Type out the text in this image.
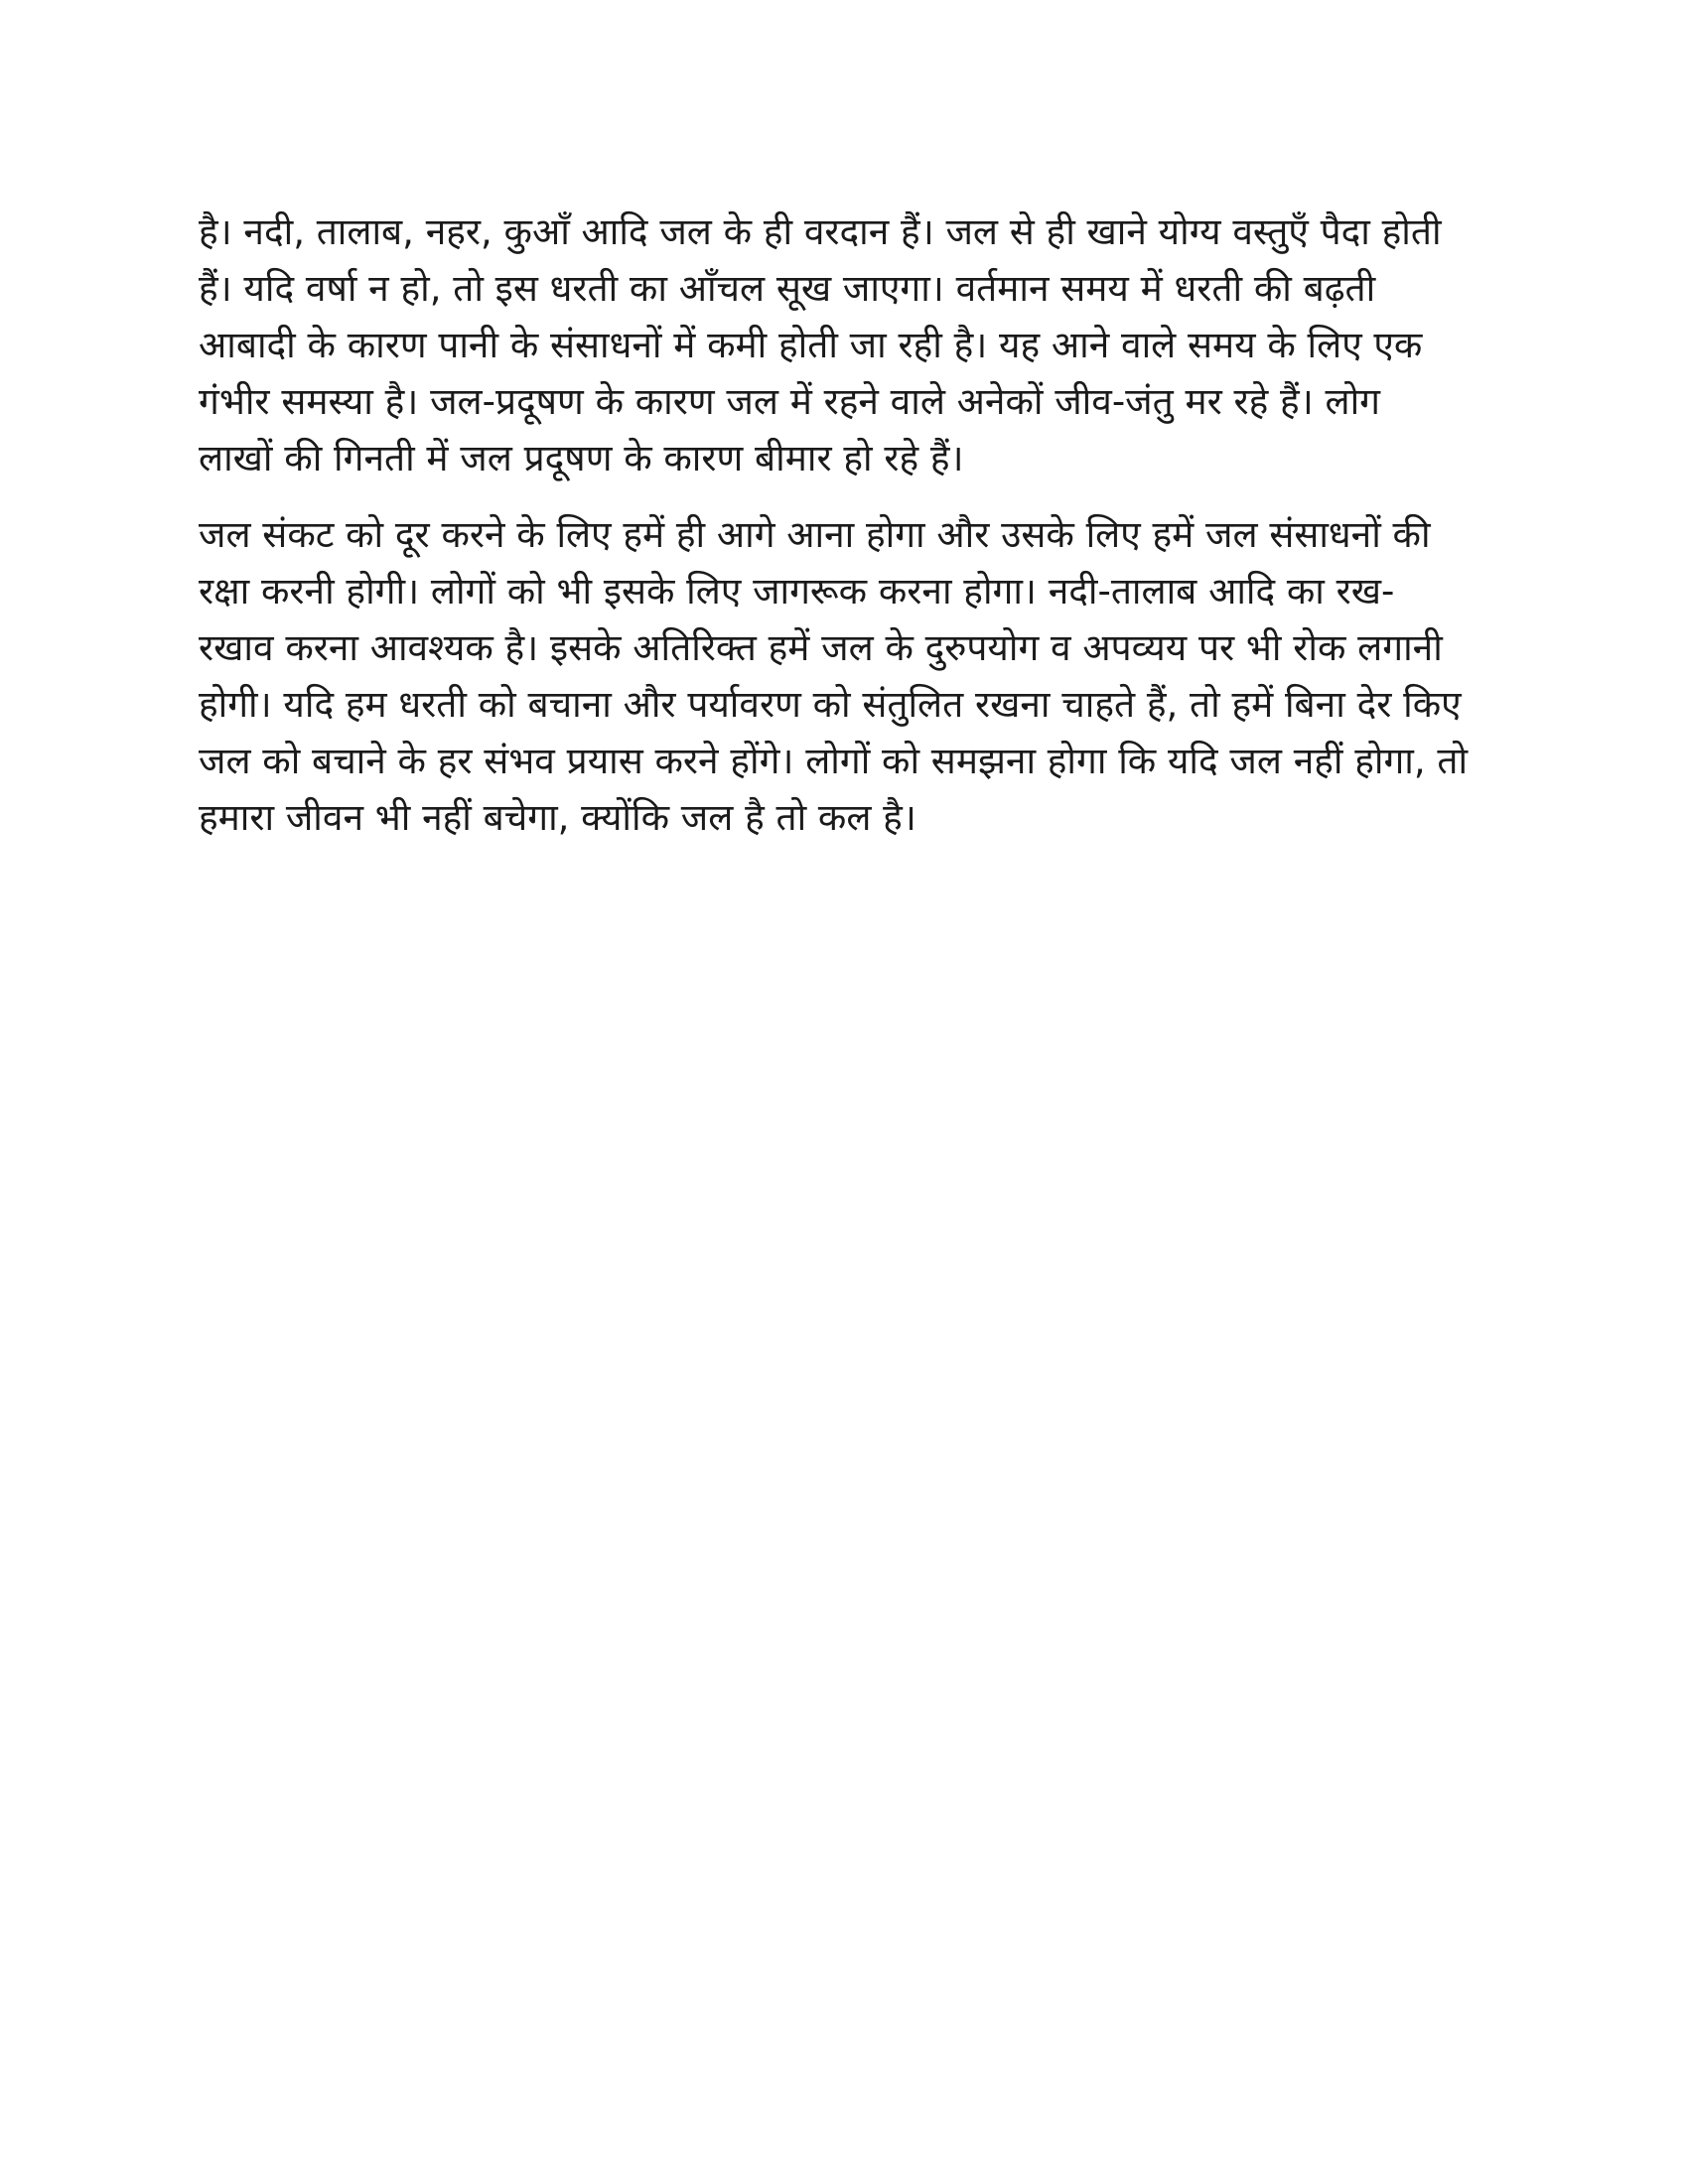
है। नदी, तालाब, नहर, कुआँ आदि जल के ही वरदान हैं। जल से ही खाने योग्य वस्तुएँ पैदा होती
हैं। यदि वर्षा न हो, तो इस धरती का आँचल सूख जाएगा। वर्तमान समय में धरती की बढ़ती
आबादी के कारण पानी के संसाधनों में कमी होती जा रही है। यह आने वाले समय के लिए एक
गंभीर समस्या है। जल-प्रदूषण के कारण जल में रहने वाले अनेकों जीव-जंतु मर रहे हैं। लोग
लाखों की गिनती में जल प्रदूषण के कारण बीमार हो रहे हैं।
जल संकट को दूर करने के लिए हमें ही आगे आना होगा और उसके लिए हमें जल संसाधनों की
रक्षा करनी होगी। लोगों को भी इसके लिए जागरूक करना होगा। नदी-तालाब आदि का रख-
रखाव करना आवश्यक है। इसके अतिरिक्त हमें जल के दुरुपयोग व अपव्यय पर भी रोक लगानी
होगी। यदि हम धरती को बचाना और पर्यावरण को संतुलित रखना चाहते हैं, तो हमें बिना देर किए
जल को बचाने के हर संभव प्रयास करने होंगे। लोगों को समझना होगा कि यदि जल नहीं होगा, तो
हमारा जीवन भी नहीं बचेगा, क्योंकि जल है तो कल है।
